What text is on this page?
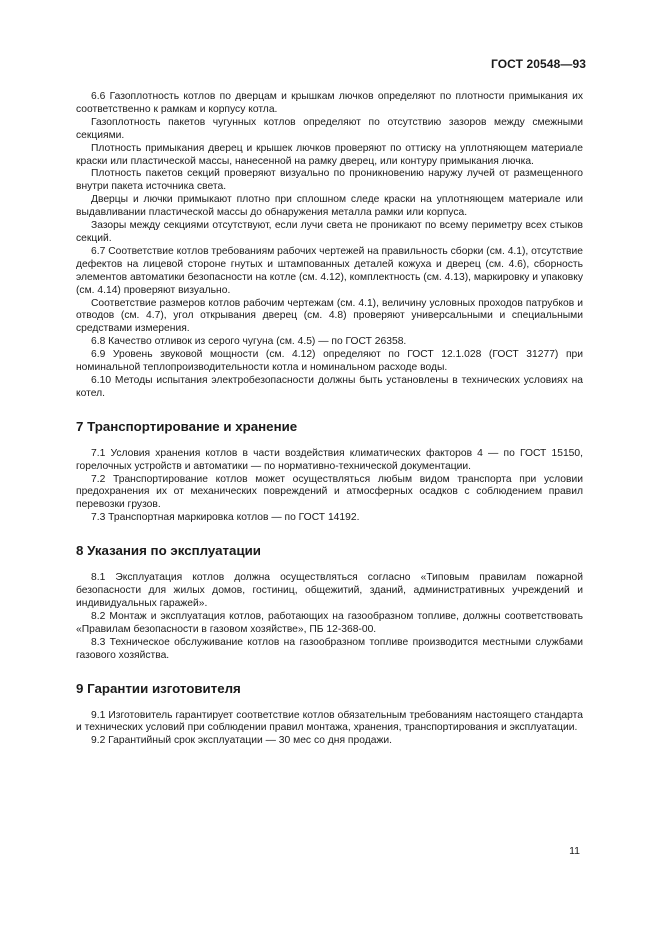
ГОСТ 20548—93

6.6 Газоплотность котлов по дверцам и крышкам лючков определяют по плотности примыкания их соответственно к рамкам и корпусу котла.

Газоплотность пакетов чугунных котлов определяют по отсутствию зазоров между смежными секциями.

Плотность примыкания дверец и крышек лючков проверяют по оттиску на уплотняющем материале краски или пластической массы, нанесенной на рамку дверец, или контуру примыкания лючка.

Плотность пакетов секций проверяют визуально по проникновению наружу лучей от размещенного внутри пакета источника света.

Дверцы и лючки примыкают плотно при сплошном следе краски на уплотняющем материале или выдавливании пластической массы до обнаружения металла рамки или корпуса.

Зазоры между секциями отсутствуют, если лучи света не проникают по всему периметру всех стыков секций.

6.7 Соответствие котлов требованиям рабочих чертежей на правильность сборки (см. 4.1), отсутствие дефектов на лицевой стороне гнутых и штампованных деталей кожуха и дверец (см. 4.6), сборность элементов автоматики безопасности на котле (см. 4.12), комплектность (см. 4.13), маркировку и упаковку (см. 4.14) проверяют визуально.

Соответствие размеров котлов рабочим чертежам (см. 4.1), величину условных проходов патрубков и отводов (см. 4.7), угол открывания дверец (см. 4.8) проверяют универсальными и специальными средствами измерения.

6.8 Качество отливок из серого чугуна (см. 4.5) — по ГОСТ 26358.

6.9 Уровень звуковой мощности (см. 4.12) определяют по ГОСТ 12.1.028 (ГОСТ 31277) при номинальной теплопроизводительности котла и номинальном расходе воды.

6.10 Методы испытания электробезопасности должны быть установлены в технических условиях на котел.

7 Транспортирование и хранение

7.1 Условия хранения котлов в части воздействия климатических факторов 4 — по ГОСТ 15150, горелочных устройств и автоматики — по нормативно-технической документации.

7.2 Транспортирование котлов может осуществляться любым видом транспорта при условии предохранения их от механических повреждений и атмосферных осадков с соблюдением правил перевозки грузов.

7.3 Транспортная маркировка котлов — по ГОСТ 14192.

8 Указания по эксплуатации

8.1 Эксплуатация котлов должна осуществляться согласно «Типовым правилам пожарной безопасности для жилых домов, гостиниц, общежитий, зданий, административных учреждений и индивидуальных гаражей».

8.2 Монтаж и эксплуатация котлов, работающих на газообразном топливе, должны соответствовать «Правилам безопасности в газовом хозяйстве», ПБ 12-368-00.

8.3 Техническое обслуживание котлов на газообразном топливе производится местными службами газового хозяйства.

9 Гарантии изготовителя

9.1 Изготовитель гарантирует соответствие котлов обязательным требованиям настоящего стандарта и технических условий при соблюдении правил монтажа, хранения, транспортирования и эксплуатации.

9.2 Гарантийный срок эксплуатации — 30 мес со дня продажи.

11
